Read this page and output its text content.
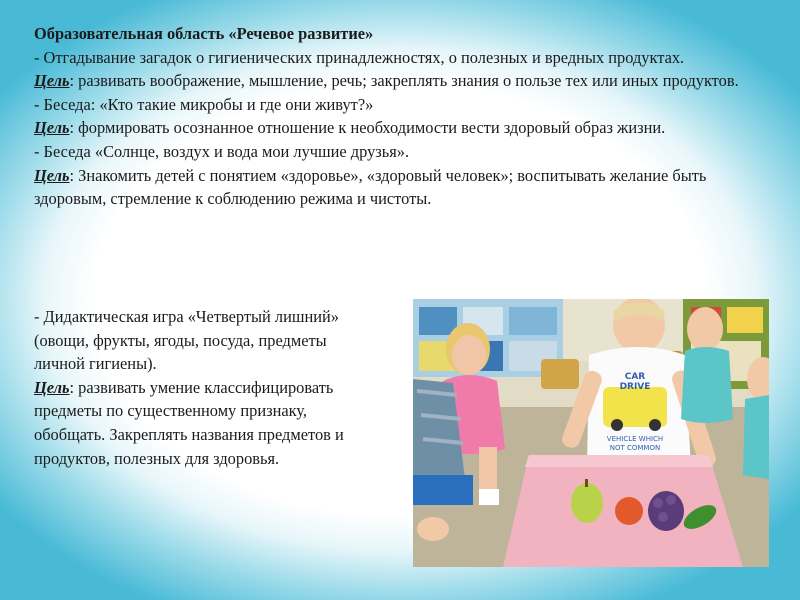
Образовательная область «Речевое развитие»

- Отгадывание загадок о гигиенических принадлежностях, о полезных и вредных продуктах.

Цель: развивать воображение, мышление, речь; закреплять знания о пользе тех или иных продуктов.

- Беседа: «Кто такие микробы и где они живут?»

Цель: формировать осознанное отношение к необходимости вести здоровый образ жизни.

- Беседа «Солнце, воздух и вода мои лучшие друзья».

Цель: Знакомить детей с понятием «здоровье», «здоровый человек»; воспитывать желание быть здоровым, стремление к соблюдению режима и чистоты.

- Дидактическая игра «Четвертый лишний» (овощи, фрукты, ягоды, посуда, предметы личной гигиены).

Цель: развивать умение классифицировать предметы по существенному признаку, обобщать. Закреплять названия предметов и продуктов, полезных для здоровья.

CAR
DRIVE
VEHICLE WHICH
NOT COMMON
